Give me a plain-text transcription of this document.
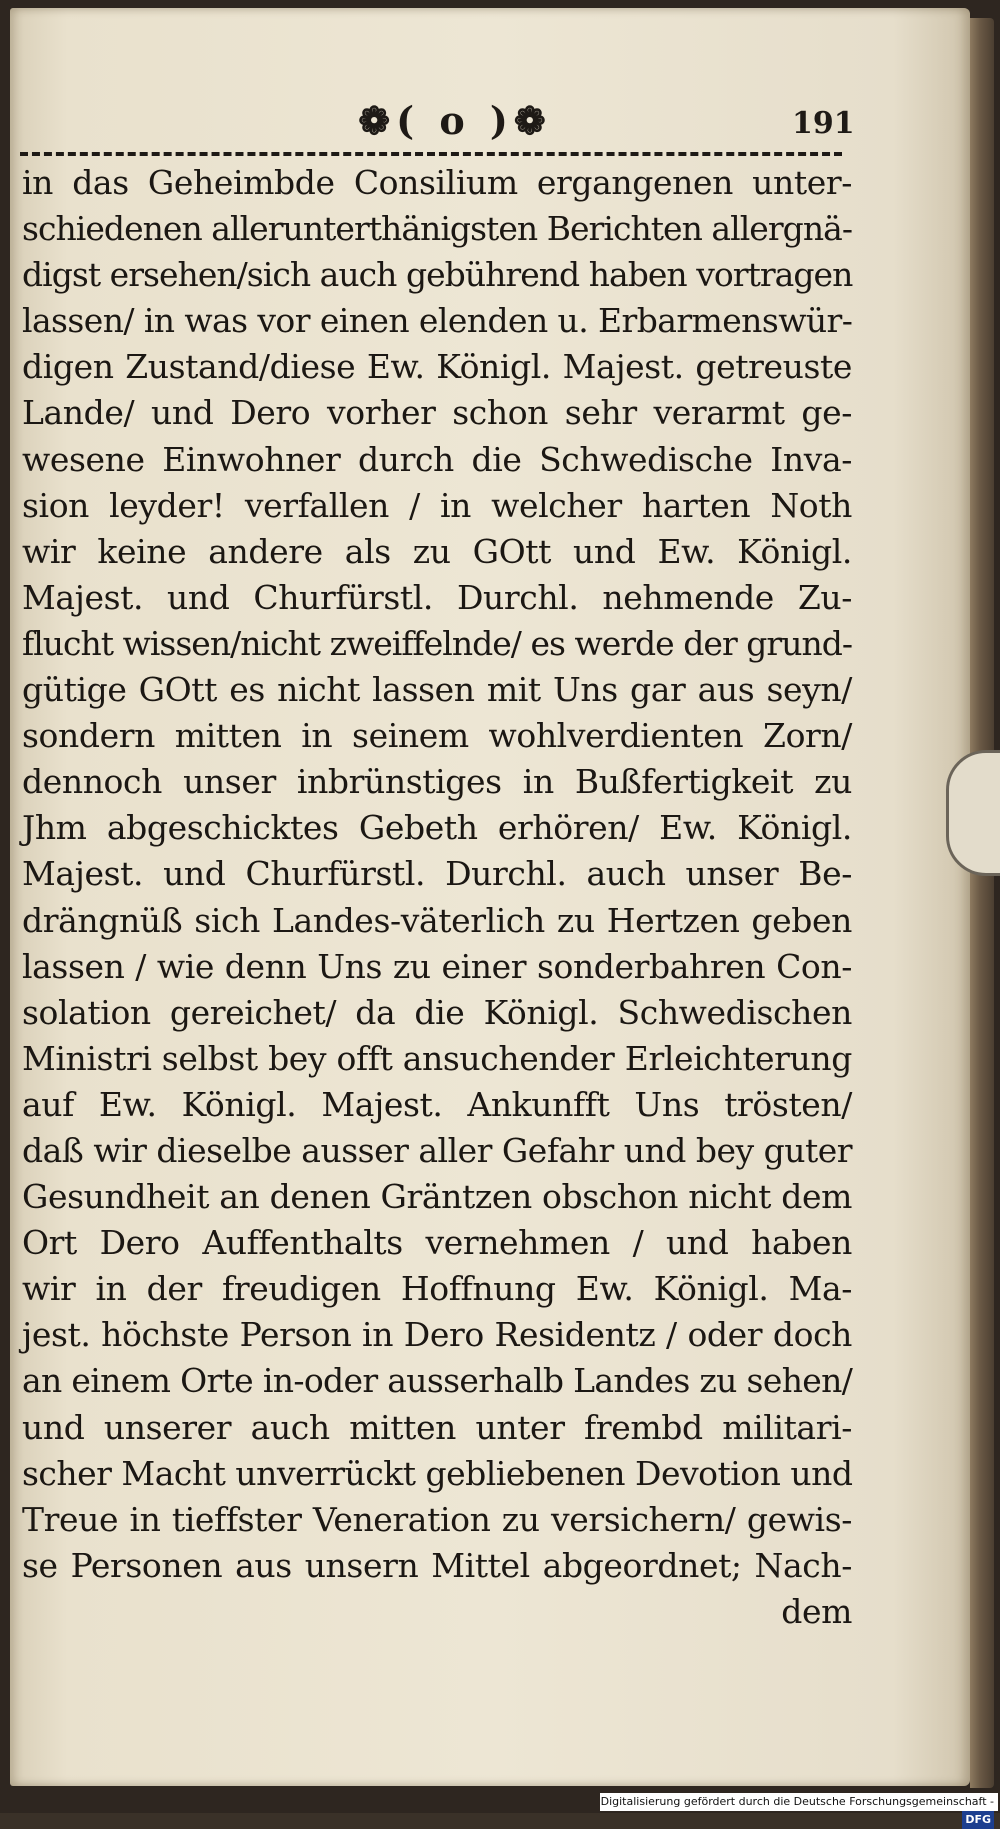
❁( o )❁	191
in das Geheimbde Consilium ergangenen unter-
schiedenen allerunterthänigsten Berichten allergnä-
digst ersehen/sich auch gebührend haben vortragen
lassen/ in was vor einen elenden u. Erbarmenswür-
digen Zustand/diese Ew. Königl. Majest. getreuste
Lande/ und Dero vorher schon sehr verarmt ge-
wesene Einwohner durch die Schwedische Inva-
sion leyder! verfallen / in welcher harten Noth
wir keine andere als zu GOtt und Ew. Königl.
Majest. und Churfürstl. Durchl. nehmende Zu-
flucht wissen/nicht zweiffelnde/ es werde der grund-
gütige GOtt es nicht lassen mit Uns gar aus seyn/
sondern mitten in seinem wohlverdienten Zorn/
dennoch unser inbrünstiges in Bußfertigkeit zu
Jhm abgeschicktes Gebeth erhören/ Ew. Königl.
Majest. und Churfürstl. Durchl. auch unser Be-
drängnüß sich Landes-väterlich zu Hertzen geben
lassen / wie denn Uns zu einer sonderbahren Con-
solation gereichet/ da die Königl. Schwedischen
Ministri selbst bey offt ansuchender Erleichterung
auf Ew. Königl. Majest. Ankunfft Uns trösten/
daß wir dieselbe ausser aller Gefahr und bey guter
Gesundheit an denen Gräntzen obschon nicht dem
Ort Dero Auffenthalts vernehmen / und haben
wir in der freudigen Hoffnung Ew. Königl. Ma-
jest. höchste Person in Dero Residentz / oder doch
an einem Orte in-oder ausserhalb Landes zu sehen/
und unserer auch mitten unter frembd militari-
scher Macht unverrückt gebliebenen Devotion und
Treue in tieffster Veneration zu versichern/ gewis-
se Personen aus unsern Mittel abgeordnet; Nach-
dem
Digitalisierung gefördert durch die Deutsche Forschungsgemeinschaft -DFG
